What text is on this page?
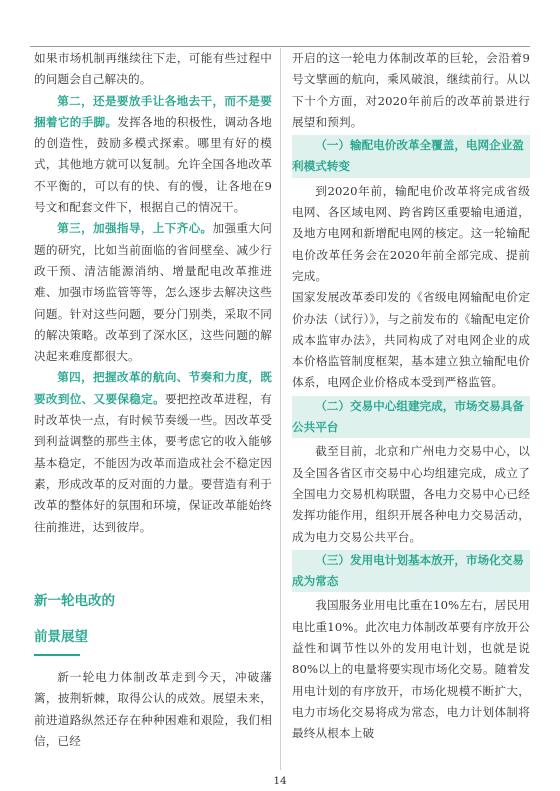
如果市场机制再继续往下走，可能有些过程中的问题会自己解决的。

第二，还是要放手让各地去干，而不是要捆着它的手脚。发挥各地的积极性，调动各地的创造性，鼓励多模式探索。哪里有好的模式，其他地方就可以复制。允许全国各地改革不平衡的，可以有的快、有的慢，让各地在9号文和配套文件下，根据自己的情况干。

第三，加强指导，上下齐心。加强重大问题的研究，比如当前面临的省间壁垒、减少行政干预、清洁能源消纳、增量配电改革推进难、加强市场监管等等，怎么逐步去解决这些问题。针对这些问题，要分门别类，采取不同的解决策略。改革到了深水区，这些问题的解决起来难度都很大。

第四，把握改革的航向、节奏和力度，既要改到位、又要保稳定。要把控改革进程，有时改革快一点，有时候节奏缓一些。因改革受到利益调整的那些主体，要考虑它的收入能够基本稳定，不能因为改革而造成社会不稳定因素，形成改革的反对面的力量。要营造有利于改革的整体好的氛围和环境，保证改革能始终往前推进，达到彼岸。

新一轮电改的
前景展望

新一轮电力体制改革走到今天，冲破藩篱，披荆斩棘，取得公认的成效。展望未来，前进道路纵然还存在种种困难和艰险，我们相信，已经

开启的这一轮电力体制改革的巨轮，会沿着9号文擘画的航向，乘风破浪，继续前行。从以下十个方面，对2020年前后的改革前景进行展望和预判。

（一）输配电价改革全覆盖，电网企业盈利模式转变

到2020年前，输配电价改革将完成省级电网、各区域电网、跨省跨区重要输电通道，及地方电网和新增配电网的核定。这一轮输配电价改革任务会在2020年前全部完成、提前完成。

国家发展改革委印发的《省级电网输配电价定价办法（试行）》，与之前发布的《输配电定价成本监审办法》，共同构成了对电网企业的成本价格监管制度框架，基本建立独立输配电价体系，电网企业价格成本受到严格监管。

（二）交易中心组建完成，市场交易具备公共平台

截至目前，北京和广州电力交易中心，以及全国各省区市交易中心均组建完成，成立了全国电力交易机构联盟，各电力交易中心已经发挥功能作用，组织开展各种电力交易活动，成为电力交易公共平台。

（三）发用电计划基本放开，市场化交易成为常态

我国服务业用电比重在10%左右，居民用电比重10%。此次电力体制改革要有序放开公益性和调节性以外的发用电计划，也就是说80%以上的电量将要实现市场化交易。随着发用电计划的有序放开，市场化规模不断扩大，电力市场化交易将成为常态，电力计划体制将最终从根本上破

14
